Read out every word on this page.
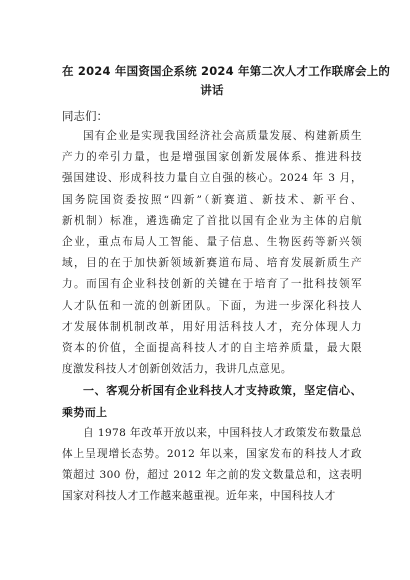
在 2024 年国资国企系统 2024 年第二次人才工作联席会上的
讲话
同志们：
国有企业是实现我国经济社会高质量发展、构建新质生
产力的牵引力量，也是增强国家创新发展体系、推进科技
强国建设、形成科技力量自立自强的核心。2024 年 3 月，
国务院国资委按照“四新”（新赛道、新技术、新平台、
新机制）标准，遴选确定了首批以国有企业为主体的启航
企业，重点布局人工智能、量子信息、生物医药等新兴领
域，目的在于加快新领域新赛道布局、培育发展新质生产
力。而国有企业科技创新的关键在于培育了一批科技领军
人才队伍和一流的创新团队。下面，为进一步深化科技人
才发展体制机制改革，用好用活科技人才，充分体现人力
资本的价值，全面提高科技人才的自主培养质量，最大限
度激发科技人才创新创效活力，我讲几点意见。
一、客观分析国有企业科技人才支持政策，坚定信心、
乘势而上
自 1978 年改革开放以来，中国科技人才政策发布数量总
体上呈现增长态势。2012 年以来，国家发布的科技人才政
策超过 300 份，超过 2012 年之前的发文数量总和，这表明
国家对科技人才工作越来越重视。近年来，中国科技人才
